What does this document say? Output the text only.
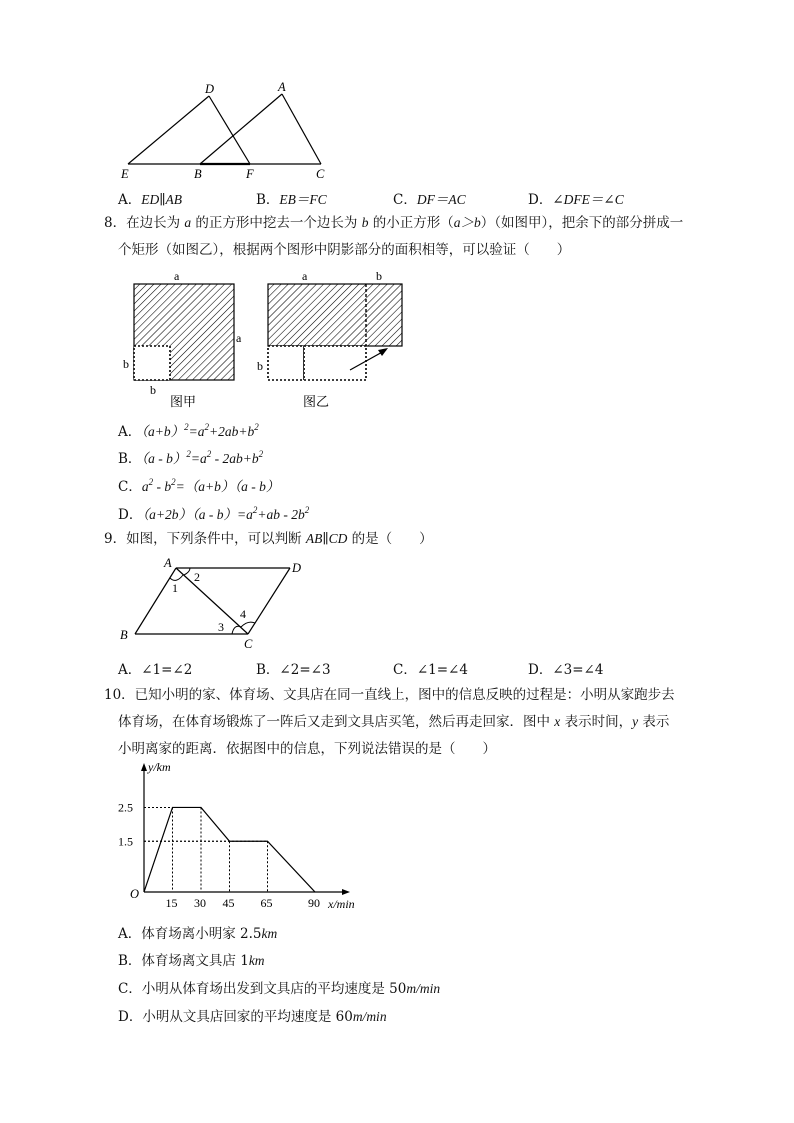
D	A
E	B	F	C
A．ED∥AB	B．EB＝FC	C．DF＝AC	D．∠DFE＝∠C
8．在边长为 a 的正方形中挖去一个边长为 b 的小正方形（a＞b）（如图甲），把余下的部分拼成一
个矩形（如图乙），根据两个图形中阴影部分的面积相等，可以验证（　　）
a
a
b
b
图甲
a	b
b
图乙
A．$(a+b)^2=a^2+2ab+b^2$
B．$(a - b)^2=a^2 - 2ab+b^2$
C．$a^2 - b^2=(a+b)(a - b)$
D．$(a+2b)(a - b)=a^2+ab - 2b^2$
9．如图，下列条件中，可以判断 AB∥CD 的是（　　）
A	D
B
C
1
2
3
4
A．∠1=∠2	B．∠2=∠3	C．∠1=∠4	D．∠3=∠4
10．已知小明的家、体育场、文具店在同一直线上，图中的信息反映的过程是：小明从家跑步去
体育场，在体育场锻炼了一阵后又走到文具店买笔，然后再走回家．图中 x 表示时间，y 表示
小明离家的距离．依据图中的信息，下列说法错误的是（　　）
15 30 45 65	90
1.5
2.5
O
x/min
y/km
A．体育场离小明家 2.5km
B．体育场离文具店 1km
C．小明从体育场出发到文具店的平均速度是 50m/min
D．小明从文具店回家的平均速度是 60m/min
